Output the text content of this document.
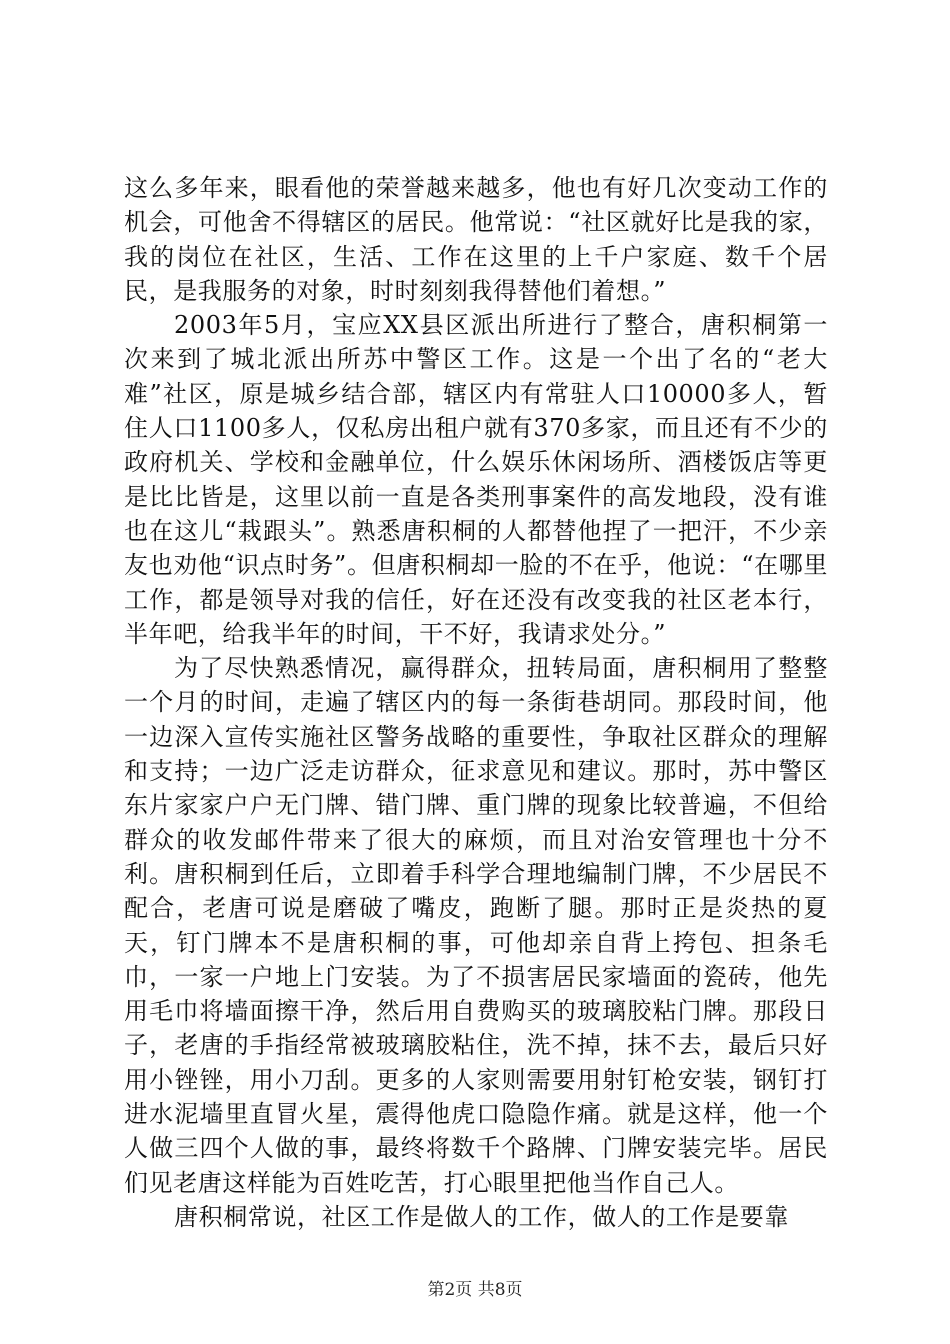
这么多年来，眼看他的荣誉越来越多，他也有好几次变动工作的机会，可他舍不得辖区的居民。他常说：“社区就好比是我的家，我的岗位在社区，生活、工作在这里的上千户家庭、数千个居民，是我服务的对象，时时刻刻我得替他们着想。”

2003年5月，宝应XX县区派出所进行了整合，唐积桐第一次来到了城北派出所苏中警区工作。这是一个出了名的“老大难”社区，原是城乡结合部，辖区内有常驻人口10000多人，暂住人口1100多人，仅私房出租户就有370多家，而且还有不少的政府机关、学校和金融单位，什么娱乐休闲场所、酒楼饭店等更是比比皆是，这里以前一直是各类刑事案件的高发地段，没有谁也在这儿“栽跟头”。熟悉唐积桐的人都替他捏了一把汗，不少亲友也劝他“识点时务”。但唐积桐却一脸的不在乎，他说：“在哪里工作，都是领导对我的信任，好在还没有改变我的社区老本行，半年吧，给我半年的时间，干不好，我请求处分。”

为了尽快熟悉情况，赢得群众，扭转局面，唐积桐用了整整一个月的时间，走遍了辖区内的每一条街巷胡同。那段时间，他一边深入宣传实施社区警务战略的重要性，争取社区群众的理解和支持；一边广泛走访群众，征求意见和建议。那时，苏中警区东片家家户户无门牌、错门牌、重门牌的现象比较普遍，不但给群众的收发邮件带来了很大的麻烦，而且对治安管理也十分不利。唐积桐到任后，立即着手科学合理地编制门牌，不少居民不配合，老唐可说是磨破了嘴皮，跑断了腿。那时正是炎热的夏天，钉门牌本不是唐积桐的事，可他却亲自背上挎包、担条毛巾，一家一户地上门安装。为了不损害居民家墙面的瓷砖，他先用毛巾将墙面擦干净，然后用自费购买的玻璃胶粘门牌。那段日子，老唐的手指经常被玻璃胶粘住，洗不掉，抹不去，最后只好用小锉锉，用小刀刮。更多的人家则需要用射钉枪安装，钢钉打进水泥墙里直冒火星，震得他虎口隐隐作痛。就是这样，他一个人做三四个人做的事，最终将数千个路牌、门牌安装完毕。居民们见老唐这样能为百姓吃苦，打心眼里把他当作自己人。

唐积桐常说，社区工作是做人的工作，做人的工作是要靠

第2页 共8页
